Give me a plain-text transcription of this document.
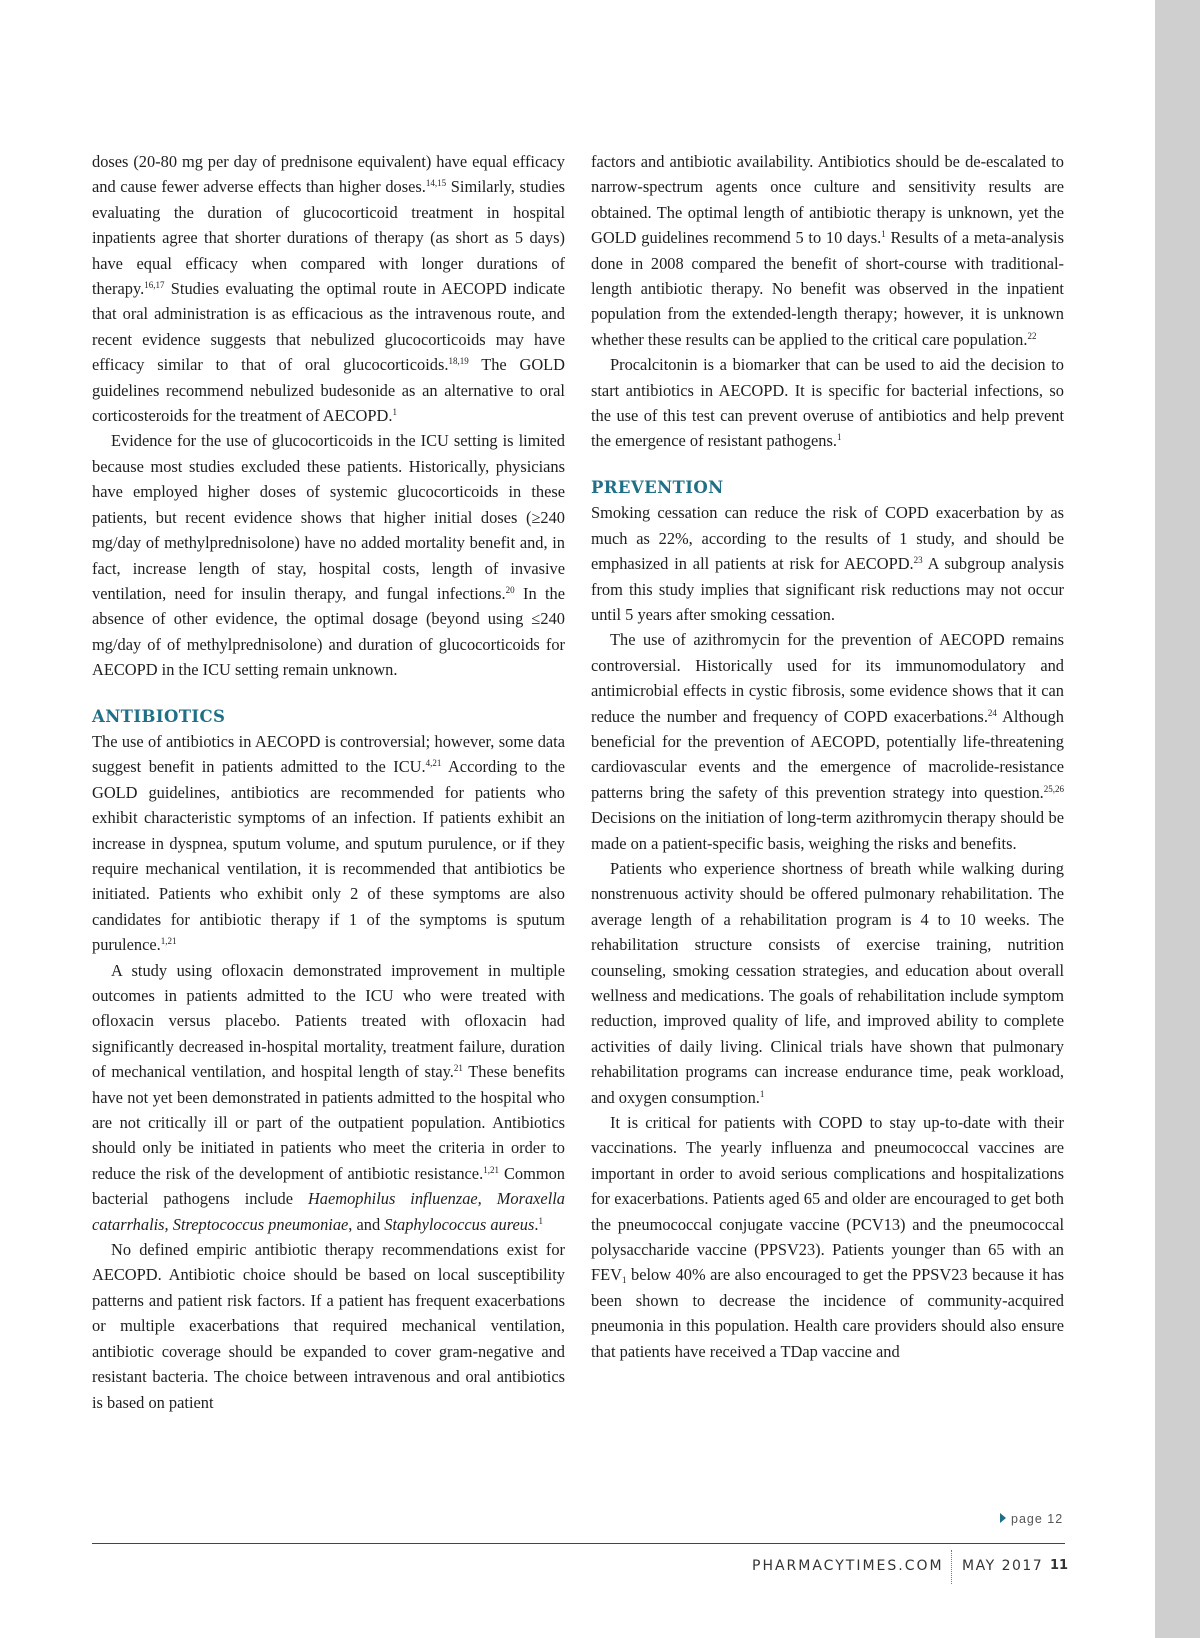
doses (20-80 mg per day of prednisone equivalent) have equal efficacy and cause fewer adverse effects than higher doses.$^{14,15}$ Similarly, studies evaluating the duration of glucocorticoid treatment in hospital inpatients agree that shorter durations of therapy (as short as 5 days) have equal efficacy when compared with longer durations of therapy.$^{16,17}$ Studies evaluating the optimal route in AECOPD indicate that oral administration is as efficacious as the intravenous route, and recent evidence suggests that nebulized glucocorticoids may have efficacy similar to that of oral glucocorticoids.$^{18,19}$ The GOLD guidelines recommend nebulized budesonide as an alternative to oral corticosteroids for the treatment of AECOPD.$^1$

Evidence for the use of glucocorticoids in the ICU setting is limited because most studies excluded these patients. Historically, physicians have employed higher doses of systemic glucocorticoids in these patients, but recent evidence shows that higher initial doses (≥240 mg/day of methylprednisolone) have no added mortality benefit and, in fact, increase length of stay, hospital costs, length of invasive ventilation, need for insulin therapy, and fungal infections.$^{20}$ In the absence of other evidence, the optimal dosage (beyond using ≤240 mg/day of of methylprednisolone) and duration of glucocorticoids for AECOPD in the ICU setting remain unknown.

ANTIBIOTICS

The use of antibiotics in AECOPD is controversial; however, some data suggest benefit in patients admitted to the ICU.$^{4,21}$ According to the GOLD guidelines, antibiotics are recommended for patients who exhibit characteristic symptoms of an infection. If patients exhibit an increase in dyspnea, sputum volume, and sputum purulence, or if they require mechanical ventilation, it is recommended that antibiotics be initiated. Patients who exhibit only 2 of these symptoms are also candidates for antibiotic therapy if 1 of the symptoms is sputum purulence.$^{1,21}$

A study using ofloxacin demonstrated improvement in multiple outcomes in patients admitted to the ICU who were treated with ofloxacin versus placebo. Patients treated with ofloxacin had significantly decreased in-hospital mortality, treatment failure, duration of mechanical ventilation, and hospital length of stay.$^{21}$ These benefits have not yet been demonstrated in patients admitted to the hospital who are not critically ill or part of the outpatient population. Antibiotics should only be initiated in patients who meet the criteria in order to reduce the risk of the development of antibiotic resistance.$^{1,21}$ Common bacterial pathogens include Haemophilus influenzae, Moraxella catarrhalis, Streptococcus pneumoniae, and Staphylococcus aureus.$^1$

No defined empiric antibiotic therapy recommendations exist for AECOPD. Antibiotic choice should be based on local susceptibility patterns and patient risk factors. If a patient has frequent exacerbations or multiple exacerbations that required mechanical ventilation, antibiotic coverage should be expanded to cover gram-negative and resistant bacteria. The choice between intravenous and oral antibiotics is based on patient

factors and antibiotic availability. Antibiotics should be de-escalated to narrow-spectrum agents once culture and sensitivity results are obtained. The optimal length of antibiotic therapy is unknown, yet the GOLD guidelines recommend 5 to 10 days.$^1$ Results of a meta-analysis done in 2008 compared the benefit of short-course with traditional-length antibiotic therapy. No benefit was observed in the inpatient population from the extended-length therapy; however, it is unknown whether these results can be applied to the critical care population.$^{22}$

Procalcitonin is a biomarker that can be used to aid the decision to start antibiotics in AECOPD. It is specific for bacterial infections, so the use of this test can prevent overuse of antibiotics and help prevent the emergence of resistant pathogens.$^1$

PREVENTION

Smoking cessation can reduce the risk of COPD exacerbation by as much as 22%, according to the results of 1 study, and should be emphasized in all patients at risk for AECOPD.$^{23}$ A subgroup analysis from this study implies that significant risk reductions may not occur until 5 years after smoking cessation.

The use of azithromycin for the prevention of AECOPD remains controversial. Historically used for its immunomodulatory and antimicrobial effects in cystic fibrosis, some evidence shows that it can reduce the number and frequency of COPD exacerbations.$^{24}$ Although beneficial for the prevention of AECOPD, potentially life-threatening cardiovascular events and the emergence of macrolide-resistance patterns bring the safety of this prevention strategy into question.$^{25,26}$ Decisions on the initiation of long-term azithromycin therapy should be made on a patient-specific basis, weighing the risks and benefits.

Patients who experience shortness of breath while walking during nonstrenuous activity should be offered pulmonary rehabilitation. The average length of a rehabilitation program is 4 to 10 weeks. The rehabilitation structure consists of exercise training, nutrition counseling, smoking cessation strategies, and education about overall wellness and medications. The goals of rehabilitation include symptom reduction, improved quality of life, and improved ability to complete activities of daily living. Clinical trials have shown that pulmonary rehabilitation programs can increase endurance time, peak workload, and oxygen consumption.$^1$

It is critical for patients with COPD to stay up-to-date with their vaccinations. The yearly influenza and pneumococcal vaccines are important in order to avoid serious complications and hospitalizations for exacerbations. Patients aged 65 and older are encouraged to get both the pneumococcal conjugate vaccine (PCV13) and the pneumococcal polysaccharide vaccine (PPSV23). Patients younger than 65 with an $FEV_1$ below 40% are also encouraged to get the PPSV23 because it has been shown to decrease the incidence of community-acquired pneumonia in this population. Health care providers should also ensure that patients have received a TDap vaccine and

page 12
PHARMACYTIMES.COM MAY 2017 11
